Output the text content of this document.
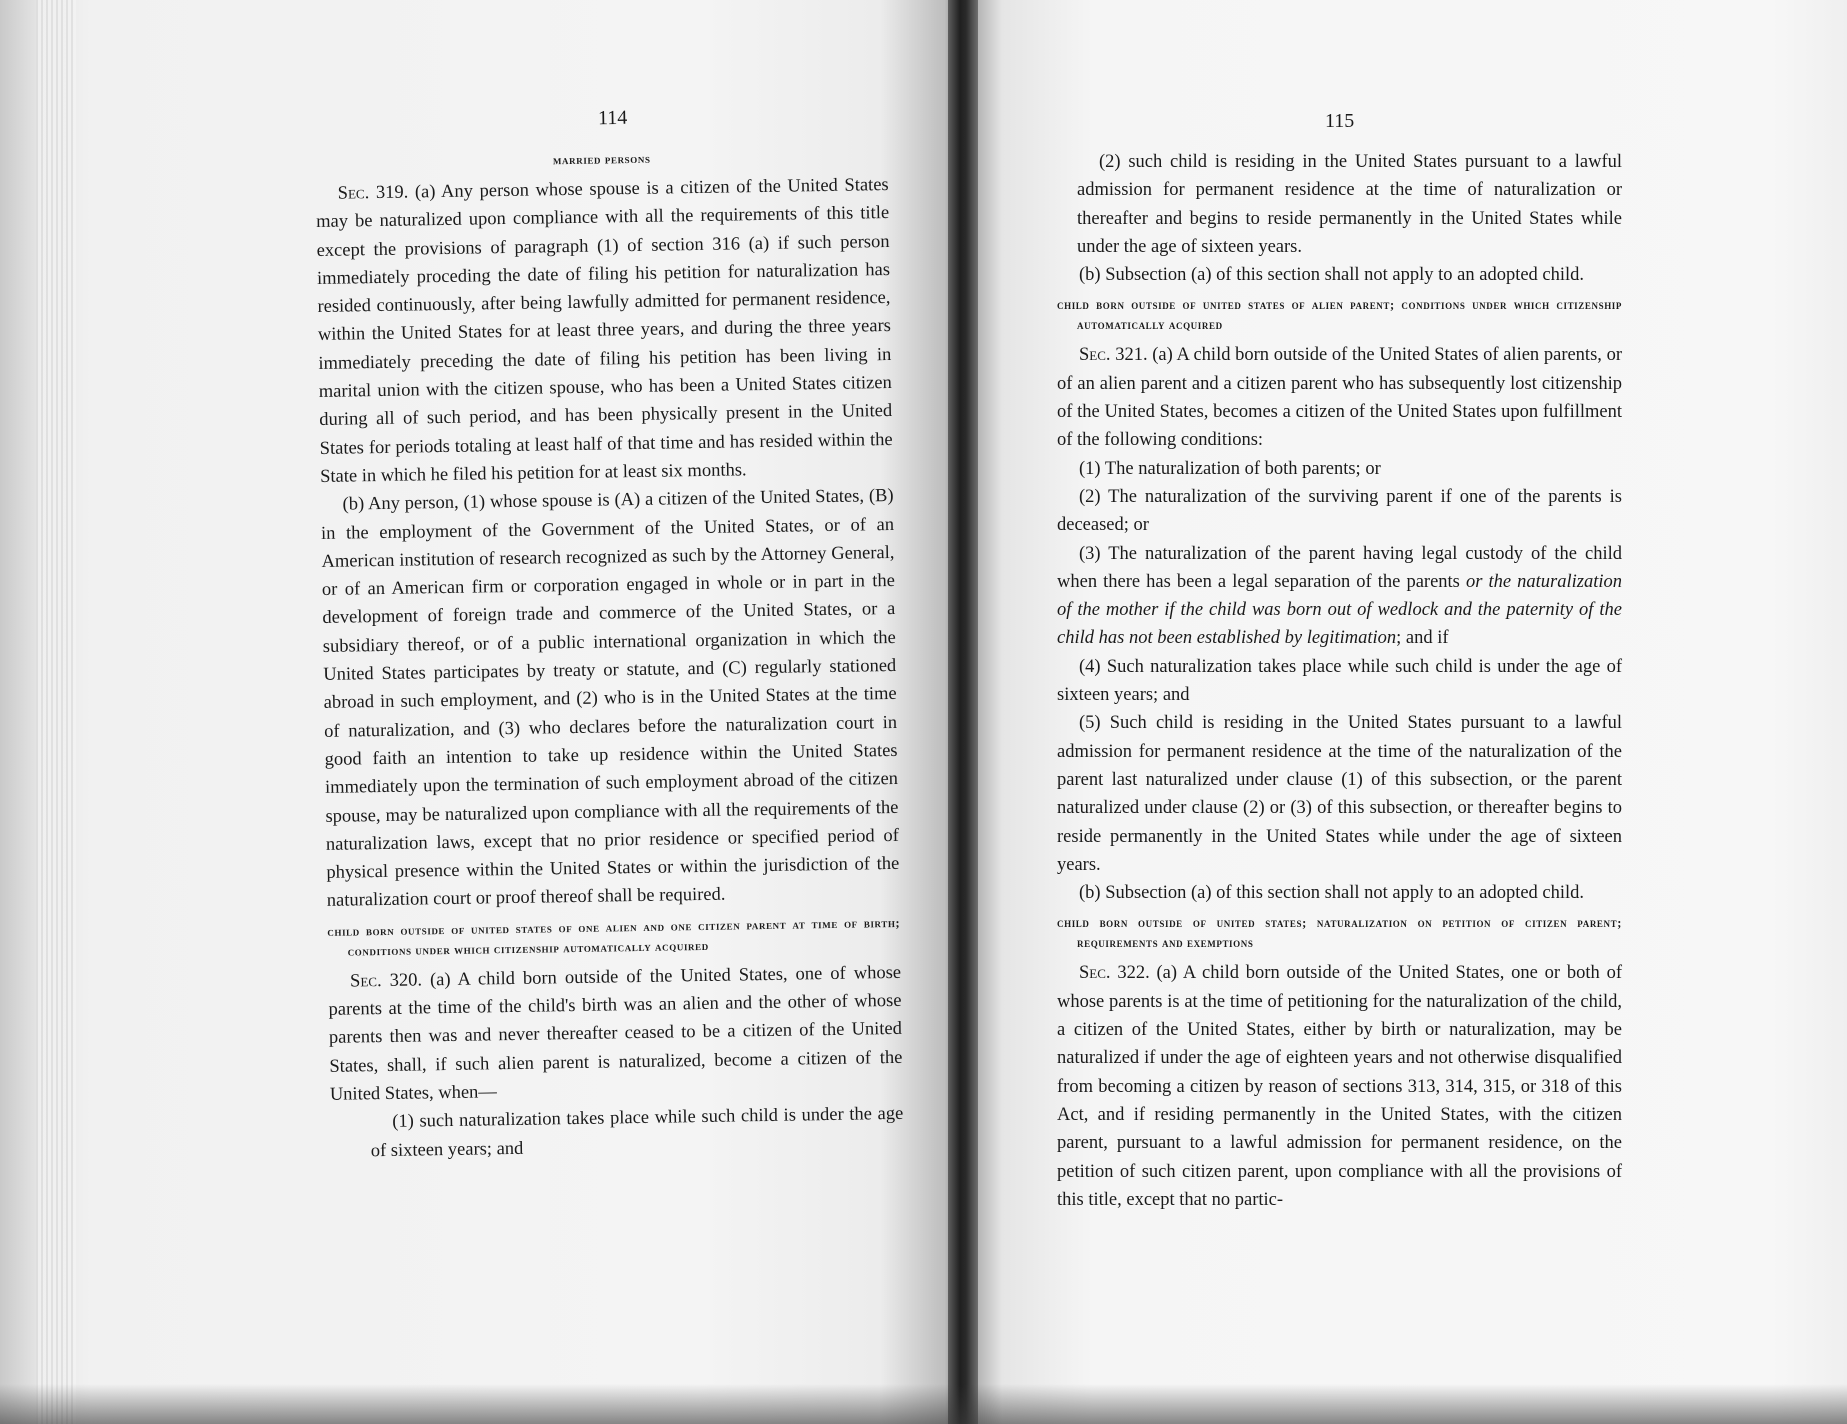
114
married persons

Sec. 319. (a) Any person whose spouse is a citizen of the United States may be naturalized upon compliance with all the requirements of this title except the provisions of paragraph (1) of section 316 (a) if such person immediately proceding the date of filing his petition for naturalization has resided continuously, after being lawfully admitted for permanent residence, within the United States for at least three years, and during the three years immediately preceding the date of filing his petition has been living in marital union with the citizen spouse, who has been a United States citizen during all of such period, and has been physically present in the United States for periods totaling at least half of that time and has resided within the State in which he filed his petition for at least six months.

(b) Any person, (1) whose spouse is (A) a citizen of the United States, (B) in the employment of the Government of the United States, or of an American institution of research recognized as such by the Attorney General, or of an American firm or corporation engaged in whole or in part in the development of foreign trade and commerce of the United States, or a subsidiary thereof, or of a public international organization in which the United States participates by treaty or statute, and (C) regularly stationed abroad in such employment, and (2) who is in the United States at the time of naturalization, and (3) who declares before the naturalization court in good faith an intention to take up residence within the United States immediately upon the termination of such employment abroad of the citizen spouse, may be naturalized upon compliance with all the requirements of the naturalization laws, except that no prior residence or specified period of physical presence within the United States or within the jurisdiction of the naturalization court or proof thereof shall be required.

child born outside of united states of one alien and one citizen parent at time of birth; conditions under which citizenship automatically acquired

Sec. 320. (a) A child born outside of the United States, one of whose parents at the time of the child's birth was an alien and the other of whose parents then was and never thereafter ceased to be a citizen of the United States, shall, if such alien parent is naturalized, become a citizen of the United States, when—

(1) such naturalization takes place while such child is under the age of sixteen years; and

115

(2) such child is residing in the United States pursuant to a lawful admission for permanent residence at the time of naturalization or thereafter and begins to reside permanently in the United States while under the age of sixteen years.

(b) Subsection (a) of this section shall not apply to an adopted child.

child born outside of united states of alien parent; conditions under which citizenship automatically acquired

Sec. 321. (a) A child born outside of the United States of alien parents, or of an alien parent and a citizen parent who has subsequently lost citizenship of the United States, becomes a citizen of the United States upon fulfillment of the following conditions:

(1) The naturalization of both parents; or

(2) The naturalization of the surviving parent if one of the parents is deceased; or

(3) The naturalization of the parent having legal custody of the child when there has been a legal separation of the parents or the naturalization of the mother if the child was born out of wedlock and the paternity of the child has not been established by legitimation; and if

(4) Such naturalization takes place while such child is under the age of sixteen years; and

(5) Such child is residing in the United States pursuant to a lawful admission for permanent residence at the time of the naturalization of the parent last naturalized under clause (1) of this subsection, or the parent naturalized under clause (2) or (3) of this subsection, or thereafter begins to reside permanently in the United States while under the age of sixteen years.

(b) Subsection (a) of this section shall not apply to an adopted child.

child born outside of united states; naturalization on petition of citizen parent; requirements and exemptions

Sec. 322. (a) A child born outside of the United States, one or both of whose parents is at the time of petitioning for the naturalization of the child, a citizen of the United States, either by birth or naturalization, may be naturalized if under the age of eighteen years and not otherwise disqualified from becoming a citizen by reason of sections 313, 314, 315, or 318 of this Act, and if residing permanently in the United States, with the citizen parent, pursuant to a lawful admission for permanent residence, on the petition of such citizen parent, upon compliance with all the provisions of this title, except that no partic-
